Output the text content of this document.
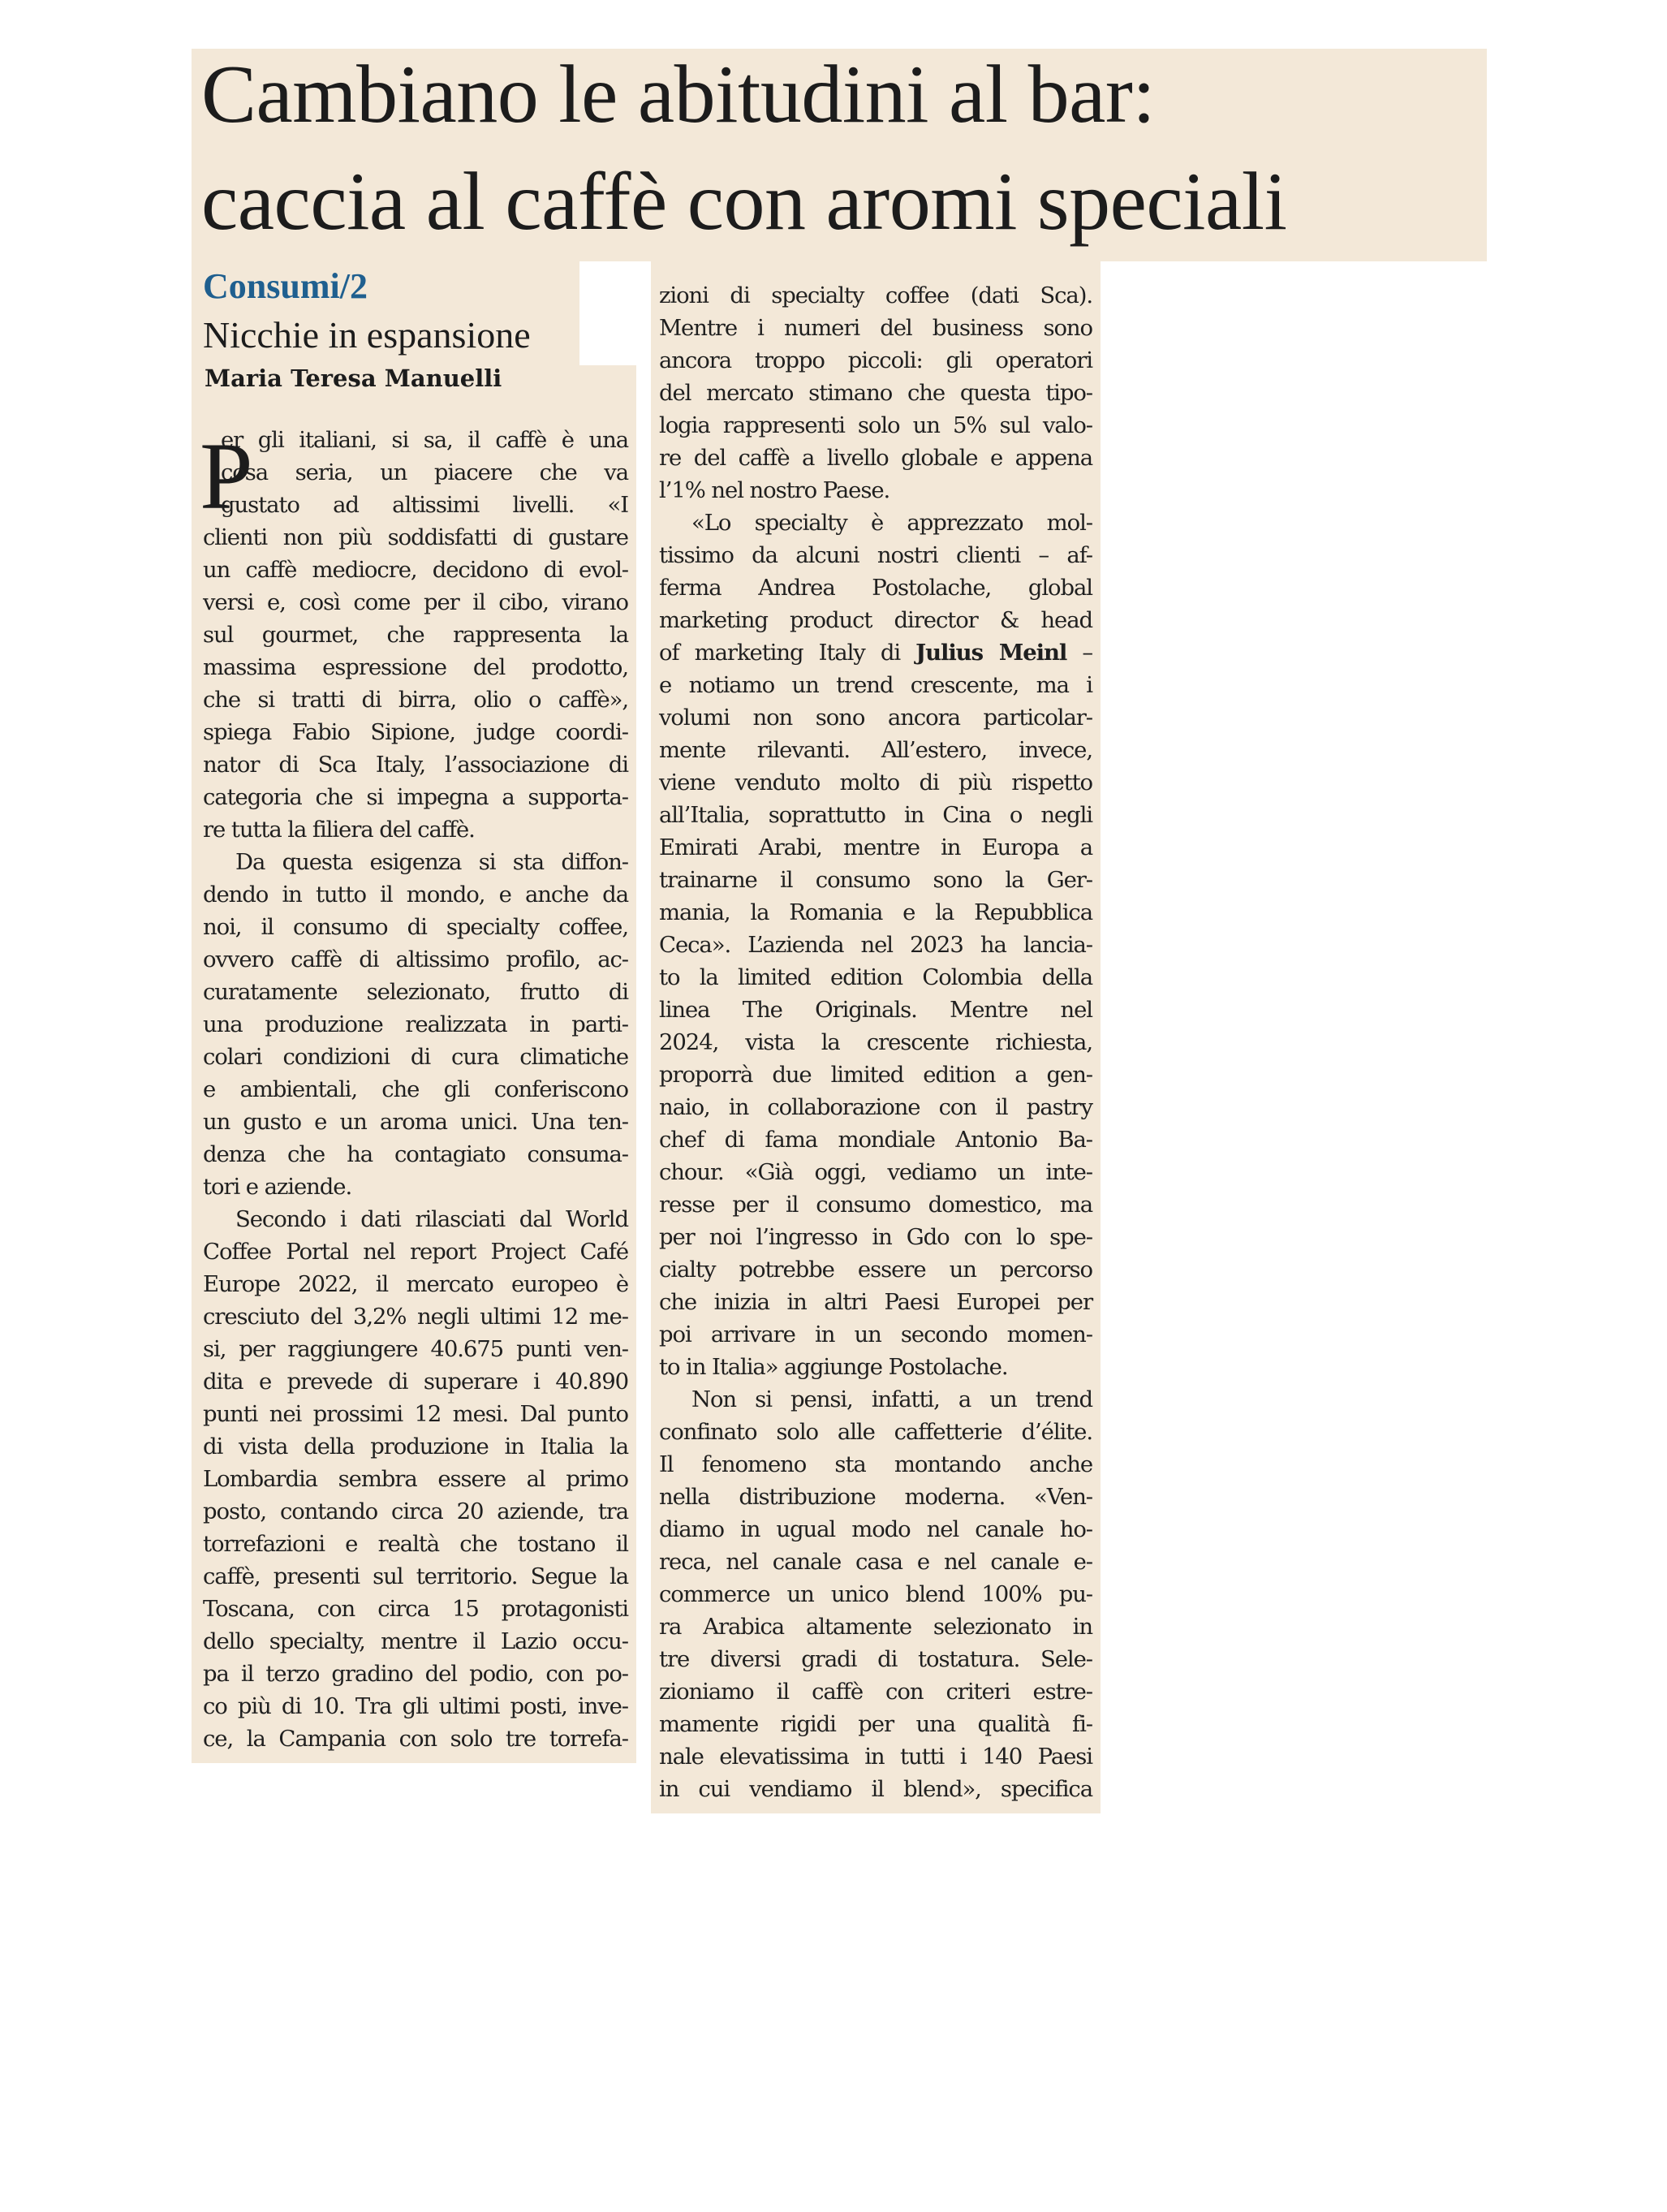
Cambiano le abitudini al bar:
caccia al caffè con aromi speciali
Consumi/2
Nicchie in espansione

Maria Teresa Manuelli

P
er gli italiani, si sa, il caffè è una
cosa seria, un piacere che va
gustato ad altissimi livelli. «I
clienti non più soddisfatti di gustare
un caffè mediocre, decidono di evol-
versi e, così come per il cibo, virano
sul gourmet, che rappresenta la
massima espressione del prodotto,
che si tratti di birra, olio o caffè»,
spiega Fabio Sipione, judge coordi-
nator di Sca Italy, l’associazione di
categoria che si impegna a supporta-
re tutta la filiera del caffè.
Da questa esigenza si sta diffon-
dendo in tutto il mondo, e anche da
noi, il consumo di specialty coffee,
ovvero caffè di altissimo profilo, ac-
curatamente selezionato, frutto di
una produzione realizzata in parti-
colari condizioni di cura climatiche
e ambientali, che gli conferiscono
un gusto e un aroma unici. Una ten-
denza che ha contagiato consuma-
tori e aziende.
Secondo i dati rilasciati dal World
Coffee Portal nel report Project Café
Europe 2022, il mercato europeo è
cresciuto del 3,2% negli ultimi 12 me-
si, per raggiungere 40.675 punti ven-
dita e prevede di superare i 40.890
punti nei prossimi 12 mesi. Dal punto
di vista della produzione in Italia la
Lombardia sembra essere al primo
posto, contando circa 20 aziende, tra
torrefazioni e realtà che tostano il
caffè, presenti sul territorio. Segue la
Toscana, con circa 15 protagonisti
dello specialty, mentre il Lazio occu-
pa il terzo gradino del podio, con po-
co più di 10. Tra gli ultimi posti, inve-
ce, la Campania con solo tre torrefa-
zioni di specialty coffee (dati Sca).
Mentre i numeri del business sono
ancora troppo piccoli: gli operatori
del mercato stimano che questa tipo-
logia rappresenti solo un 5% sul valo-
re del caffè a livello globale e appena
l’1% nel nostro Paese.
«Lo specialty è apprezzato mol-
tissimo da alcuni nostri clienti – af-
ferma Andrea Postolache, global
marketing product director & head
of marketing Italy di Julius Meinl –
e notiamo un trend crescente, ma i
volumi non sono ancora particolar-
mente rilevanti. All’estero, invece,
viene venduto molto di più rispetto
all’Italia, soprattutto in Cina o negli
Emirati Arabi, mentre in Europa a
trainarne il consumo sono la Ger-
mania, la Romania e la Repubblica
Ceca». L’azienda nel 2023 ha lancia-
to la limited edition Colombia della
linea The Originals. Mentre nel
2024, vista la crescente richiesta,
proporrà due limited edition a gen-
naio, in collaborazione con il pastry
chef di fama mondiale Antonio Ba-
chour. «Già oggi, vediamo un inte-
resse per il consumo domestico, ma
per noi l’ingresso in Gdo con lo spe-
cialty potrebbe essere un percorso
che inizia in altri Paesi Europei per
poi arrivare in un secondo momen-
to in Italia» aggiunge Postolache.
Non si pensi, infatti, a un trend
confinato solo alle caffetterie d’élite.
Il fenomeno sta montando anche
nella distribuzione moderna. «Ven-
diamo in ugual modo nel canale ho-
reca, nel canale casa e nel canale e-
commerce un unico blend 100% pu-
ra Arabica altamente selezionato in
tre diversi gradi di tostatura. Sele-
zioniamo il caffè con criteri estre-
mamente rigidi per una qualità fi-
nale elevatissima in tutti i 140 Paesi
in cui vendiamo il blend», specifica
